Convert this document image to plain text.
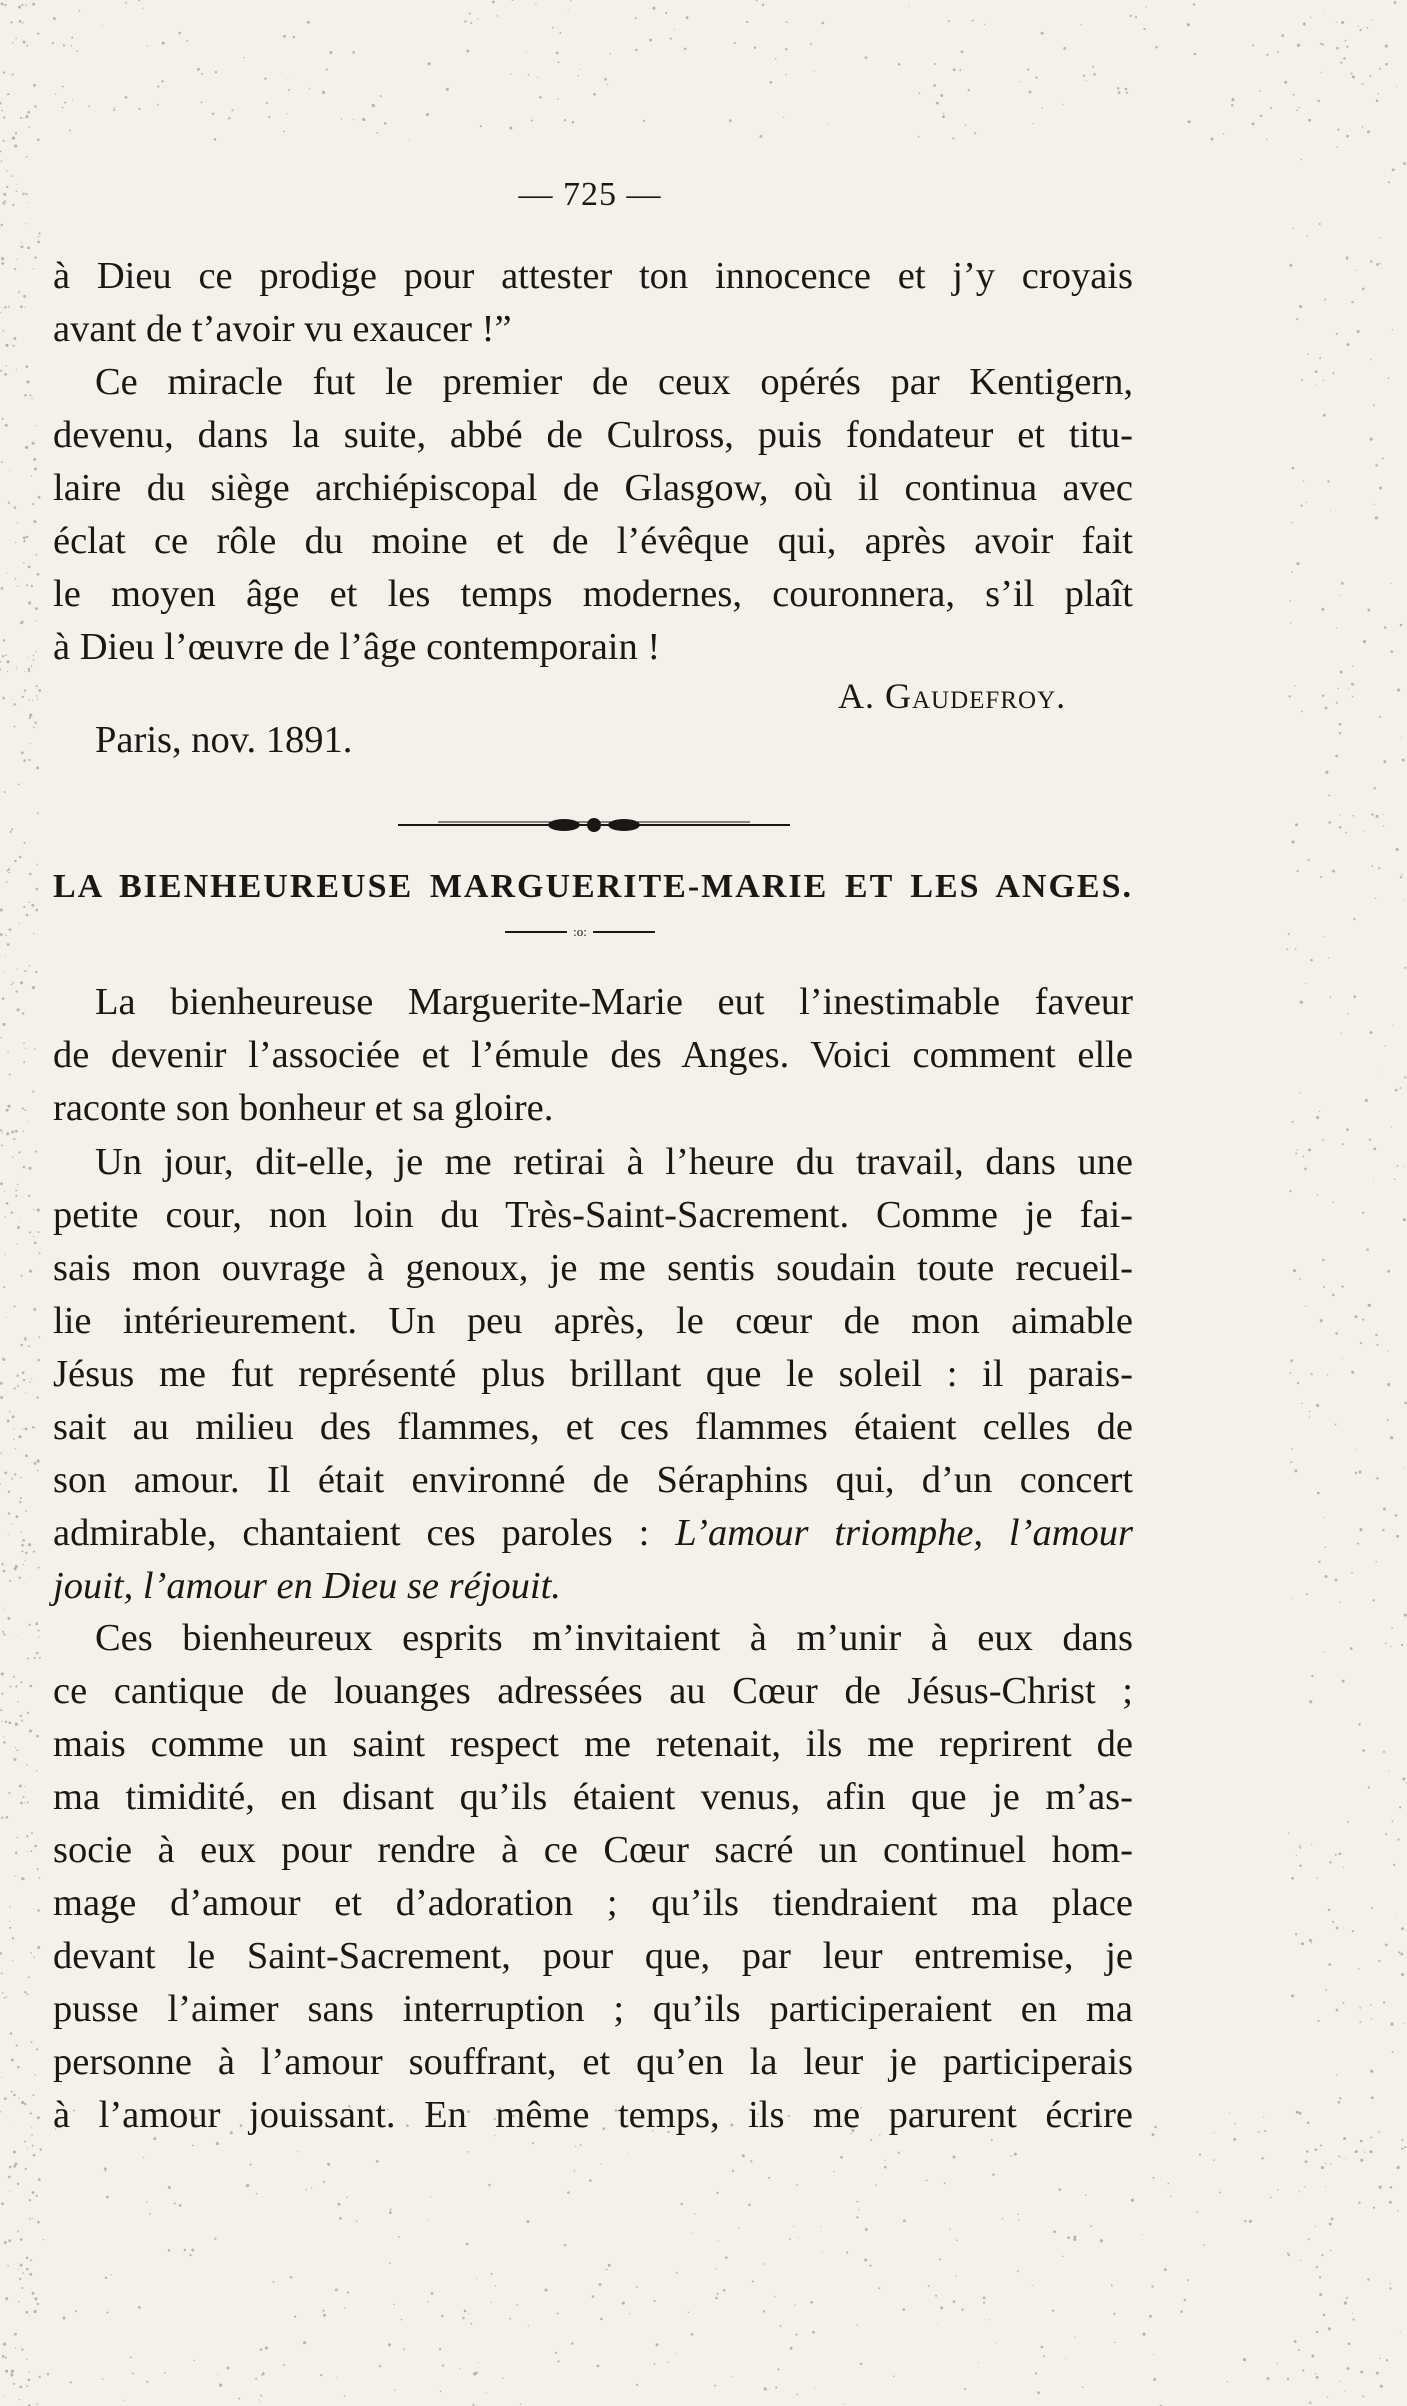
— 725 —
à Dieu ce prodige pour attester ton innocence et j’y croyais
avant de t’avoir vu exaucer !”
Ce miracle fut le premier de ceux opérés par Kentigern,
devenu, dans la suite, abbé de Culross, puis fondateur et titu-
laire du siège archiépiscopal de Glasgow, où il continua avec
éclat ce rôle du moine et de l’évêque qui, après avoir fait
le moyen âge et les temps modernes, couronnera, s’il plaît
à Dieu l’œuvre de l’âge contemporain !
A. Gaudefroy.
Paris, nov. 1891.
LA BIENHEUREUSE MARGUERITE-MARIE ET LES ANGES.
:o:
La bienheureuse Marguerite-Marie eut l’inestimable faveur
de devenir l’associée et l’émule des Anges. Voici comment elle
raconte son bonheur et sa gloire.
Un jour, dit-elle, je me retirai à l’heure du travail, dans une
petite cour, non loin du Très-Saint-Sacrement. Comme je fai-
sais mon ouvrage à genoux, je me sentis soudain toute recueil-
lie intérieurement. Un peu après, le cœur de mon aimable
Jésus me fut représenté plus brillant que le soleil : il parais-
sait au milieu des flammes, et ces flammes étaient celles de
son amour. Il était environné de Séraphins qui, d’un concert
admirable, chantaient ces paroles : L’amour triomphe, l’amour
jouit, l’amour en Dieu se réjouit.
Ces bienheureux esprits m’invitaient à m’unir à eux dans
ce cantique de louanges adressées au Cœur de Jésus-Christ ;
mais comme un saint respect me retenait, ils me reprirent de
ma timidité, en disant qu’ils étaient venus, afin que je m’as-
socie à eux pour rendre à ce Cœur sacré un continuel hom-
mage d’amour et d’adoration ; qu’ils tiendraient ma place
devant le Saint-Sacrement, pour que, par leur entremise, je
pusse l’aimer sans interruption ; qu’ils participeraient en ma
personne à l’amour souffrant, et qu’en la leur je participerais
à l’amour jouissant. En même temps, ils me parurent écrire
